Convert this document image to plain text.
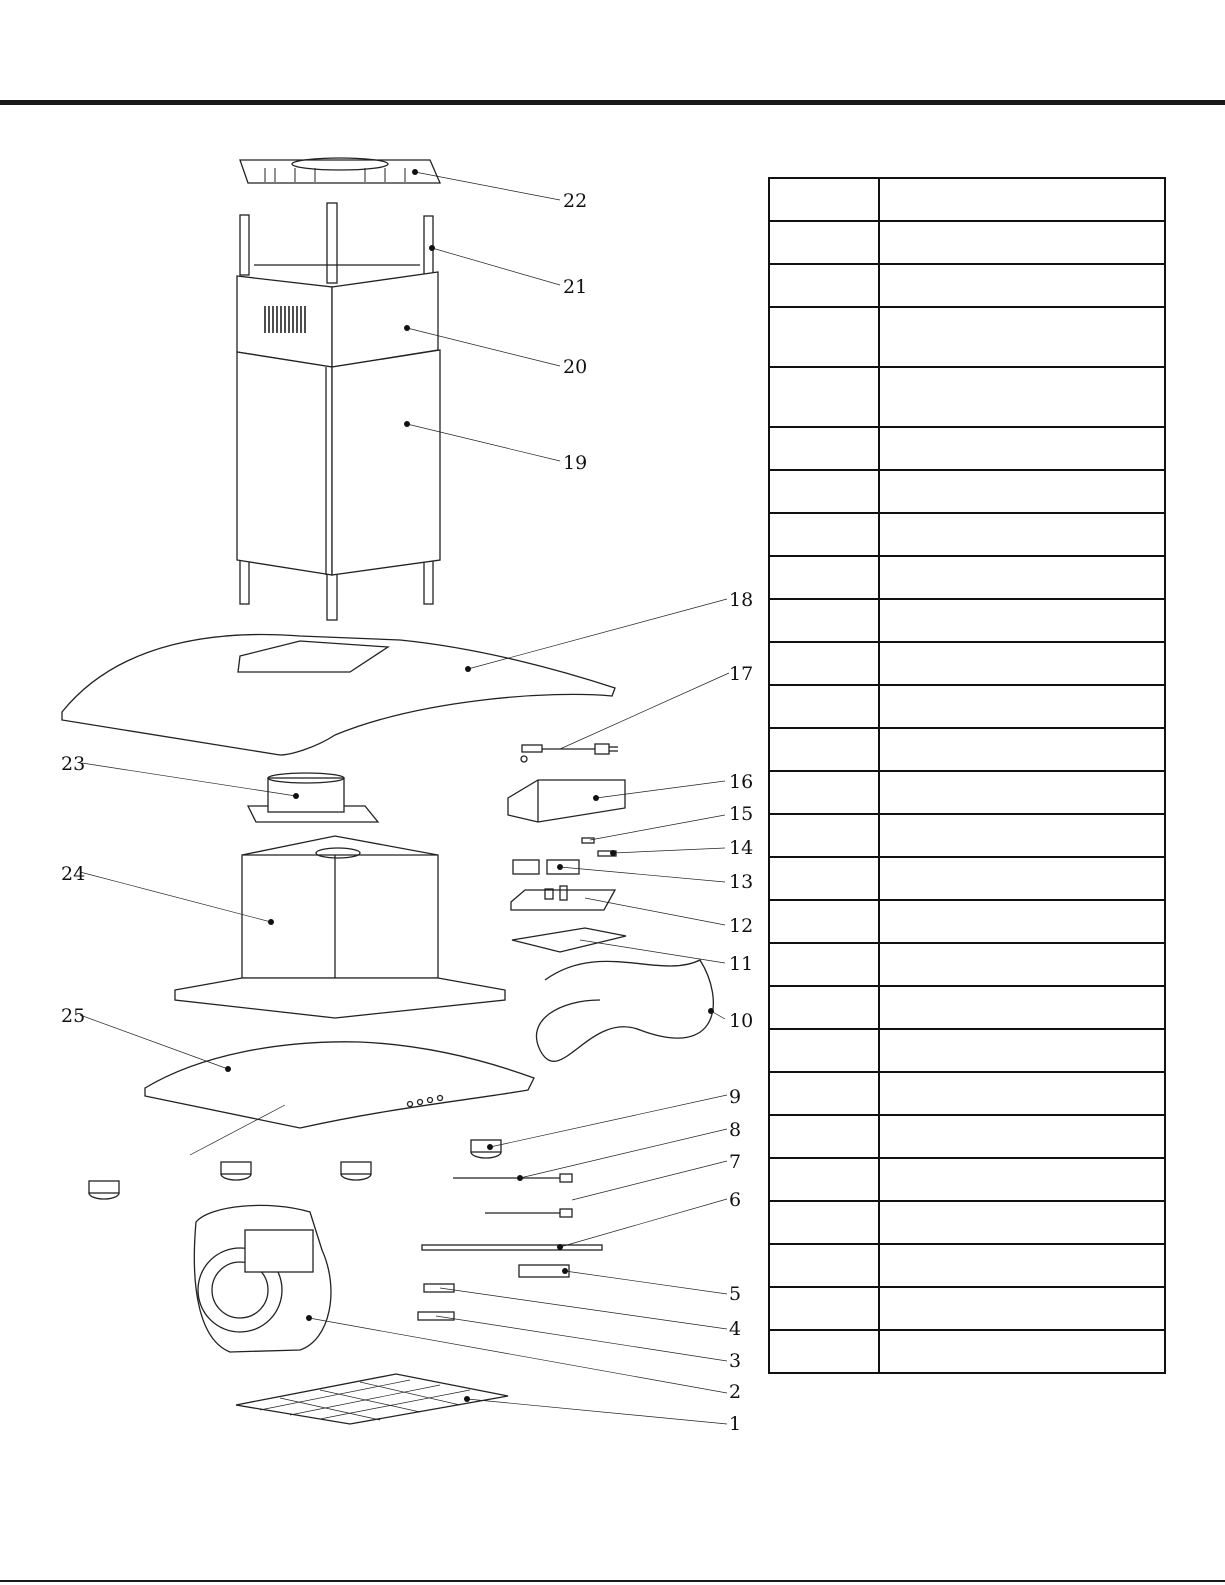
22
21
20
19
18
17
23
16
15
14
13
24
12
11
25	10
9
8
7
6
5
4
3
2
1
